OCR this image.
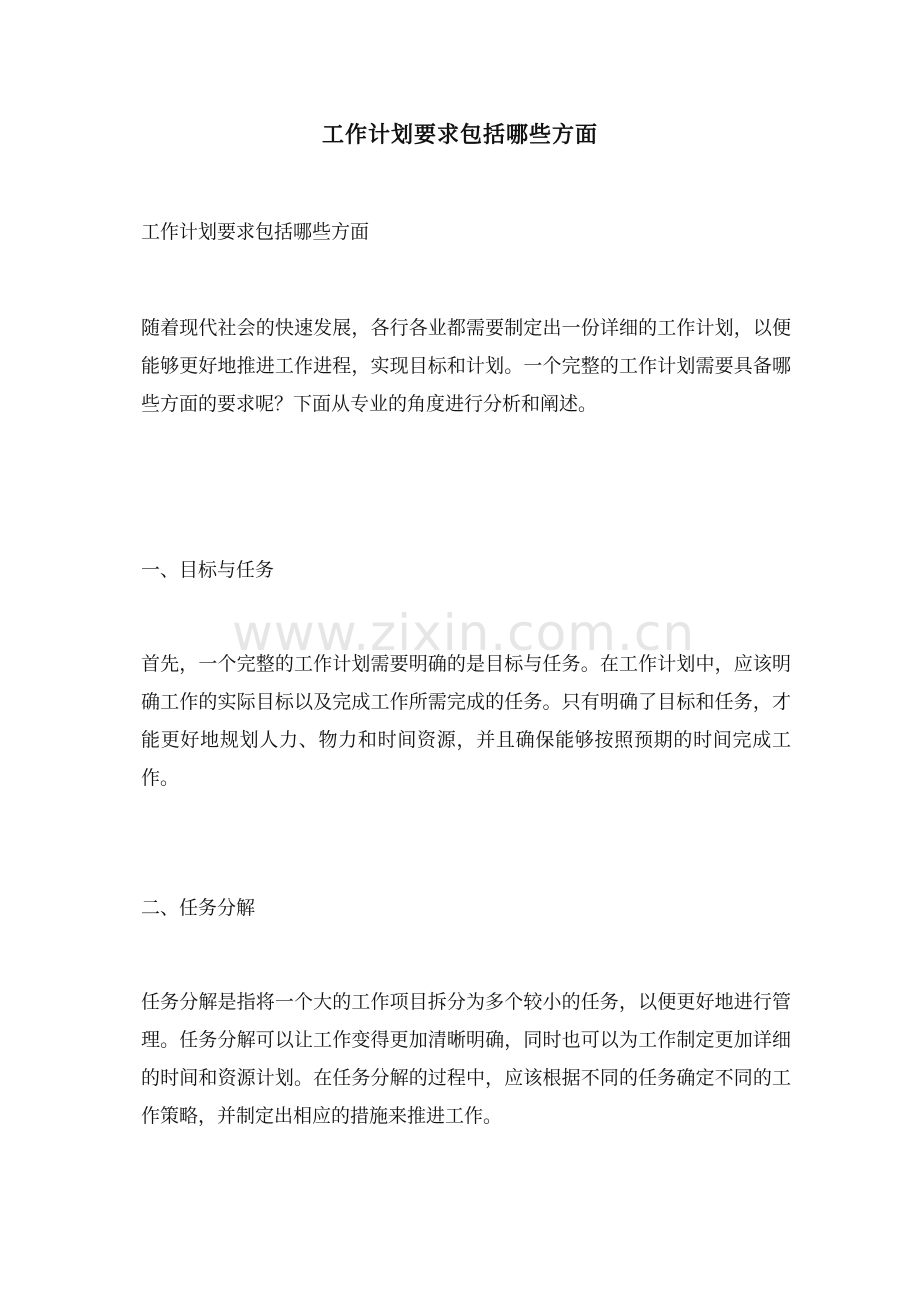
www.zixin.com.cn
工作计划要求包括哪些方面

工作计划要求包括哪些方面

随着现代社会的快速发展，各行各业都需要制定出一份详细的工作计划，以便能够更好地推进工作进程，实现目标和计划。一个完整的工作计划需要具备哪些方面的要求呢？下面从专业的角度进行分析和阐述。

一、目标与任务

首先，一个完整的工作计划需要明确的是目标与任务。在工作计划中，应该明确工作的实际目标以及完成工作所需完成的任务。只有明确了目标和任务，才能更好地规划人力、物力和时间资源，并且确保能够按照预期的时间完成工作。

二、任务分解

任务分解是指将一个大的工作项目拆分为多个较小的任务，以便更好地进行管理。任务分解可以让工作变得更加清晰明确，同时也可以为工作制定更加详细的时间和资源计划。在任务分解的过程中，应该根据不同的任务确定不同的工作策略，并制定出相应的措施来推进工作。
